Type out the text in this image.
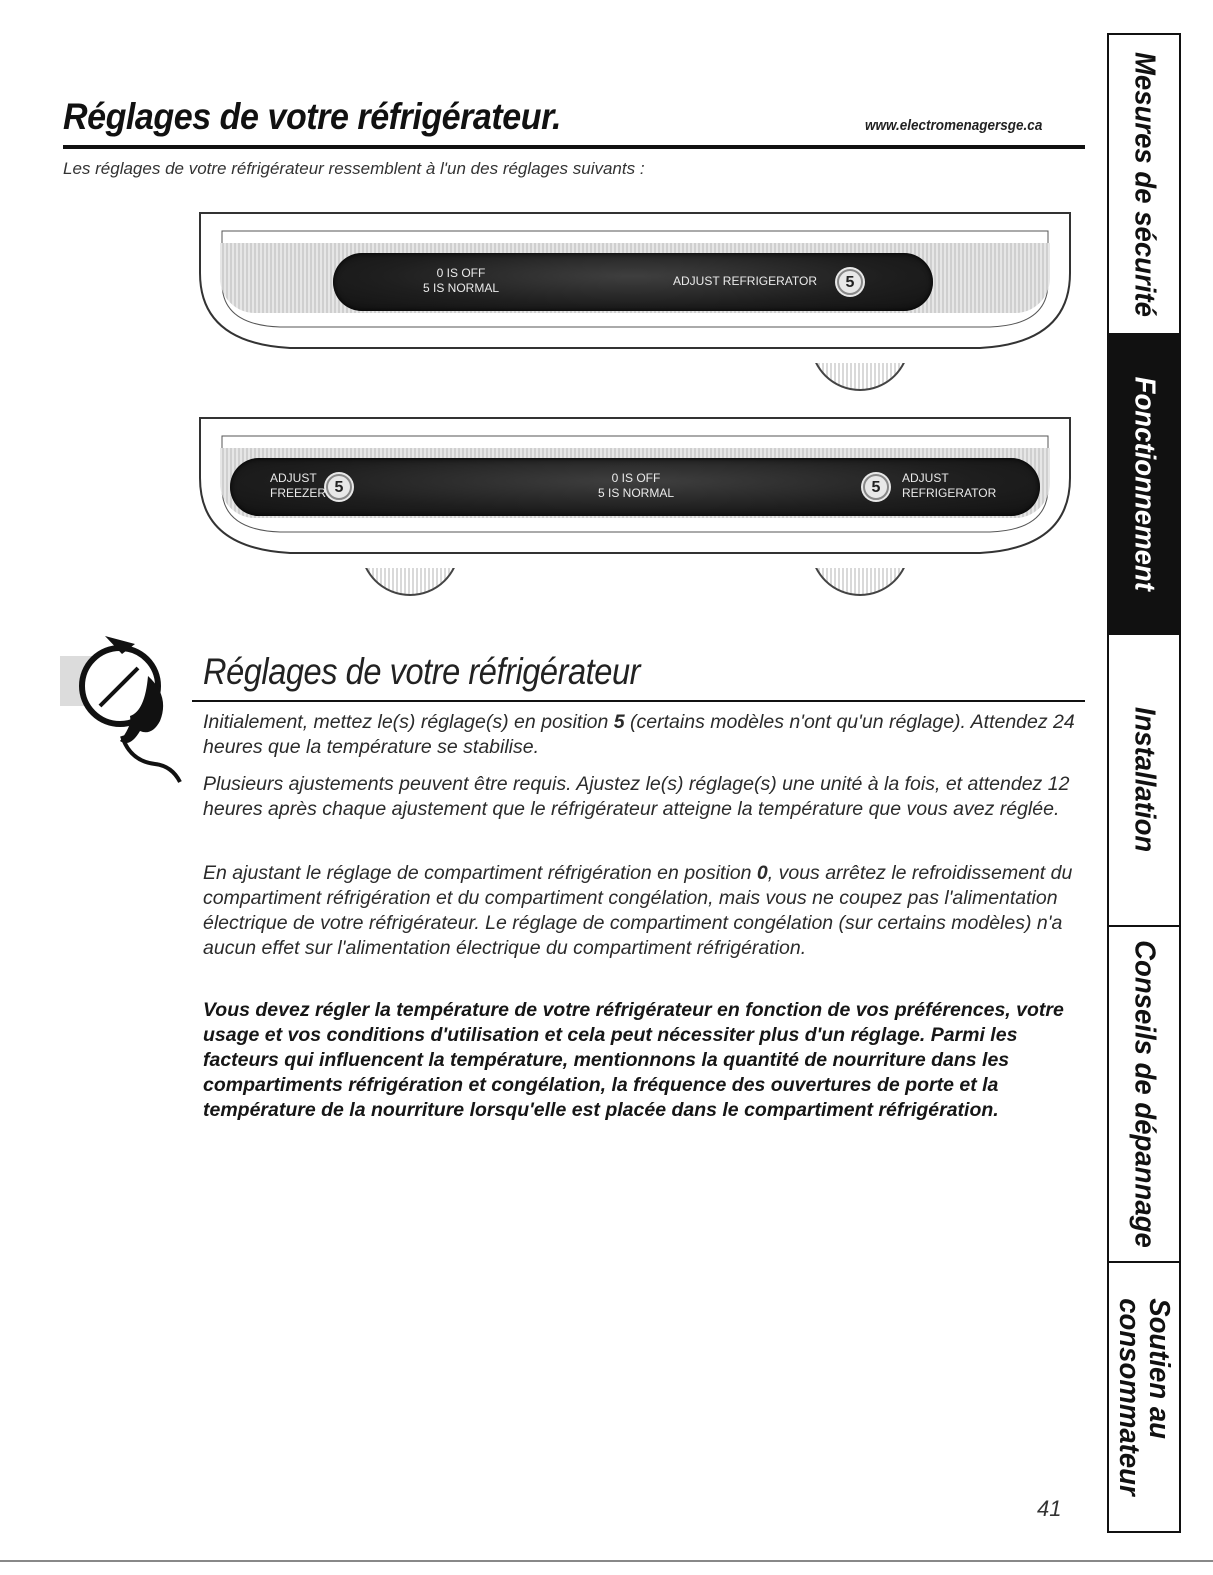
Réglages de votre réfrigérateur.	www.electromenagersge.ca
Les réglages de votre réfrigérateur ressemblent à l'un des réglages suivants :
0 IS OFF
5 IS NORMAL	ADJUST REFRIGERATOR	5
ADJUST
FREEZER 5
0 IS OFF
5 IS NORMAL	5
ADJUST
REFRIGERATOR
Réglages de votre réfrigérateur

Initialement, mettez le(s) réglage(s) en position 5 (certains modèles n'ont qu'un réglage). Attendez 24 heures que la température se stabilise.

Plusieurs ajustements peuvent être requis. Ajustez le(s) réglage(s) une unité à la fois, et attendez 12 heures après chaque ajustement que le réfrigérateur atteigne la température que vous avez réglée.

En ajustant le réglage de compartiment réfrigération en position 0, vous arrêtez le refroidissement du compartiment réfrigération et du compartiment congélation, mais vous ne coupez pas l'alimentation électrique de votre réfrigérateur. Le réglage de compartiment congélation (sur certains modèles) n'a aucun effet sur l'alimentation électrique du compartiment réfrigération.

Vous devez régler la température de votre réfrigérateur en fonction de vos préférences, votre usage et vos conditions d'utilisation et cela peut nécessiter plus d'un réglage. Parmi les facteurs qui influencent la température, mentionnons la quantité de nourriture dans les compartiments réfrigération et congélation, la fréquence des ouvertures de porte et la température de la nourriture lorsqu'elle est placée dans le compartiment réfrigération.

41
Mesures de sécurité
Fonctionnement
Installation
Conseils de dépannage
Soutien au
consommateur
